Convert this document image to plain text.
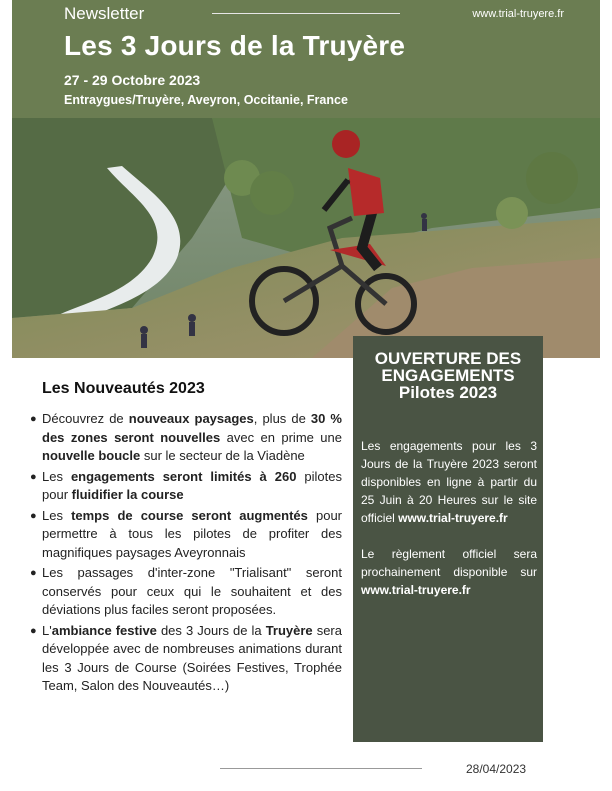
Newsletter	www.trial-truyere.fr
Les 3 Jours de la Truyère
27 - 29 Octobre 2023
Entraygues/Truyère, Aveyron, Occitanie, France
Les Nouveautés 2023
● Découvrez de nouveaux paysages, plus de 30 % des zones seront nouvelles avec en prime une nouvelle boucle sur le secteur de la Viadène
● Les engagements seront limités à 260 pilotes pour fluidifier la course
● Les temps de course seront augmentés pour permettre à tous les pilotes de profiter des magnifiques paysages Aveyronnais
● Les passages d'inter-zone "Trialisant" seront conservés pour ceux qui le souhaitent et des déviations plus faciles seront proposées.
● L'ambiance festive des 3 Jours de la Truyère sera développée avec de nombreuses animations durant les 3 Jours de Course (Soirées Festives, Trophée Team, Salon des Nouveautés…)
OUVERTURE DES ENGAGEMENTS Pilotes 2023
Les engagements pour les 3 Jours de la Truyère 2023 seront disponibles en ligne à partir du 25 Juin à 20 Heures sur le site officiel www.trial-truyere.fr

Le règlement officiel sera prochainement disponible sur www.trial-truyere.fr
28/04/2023
